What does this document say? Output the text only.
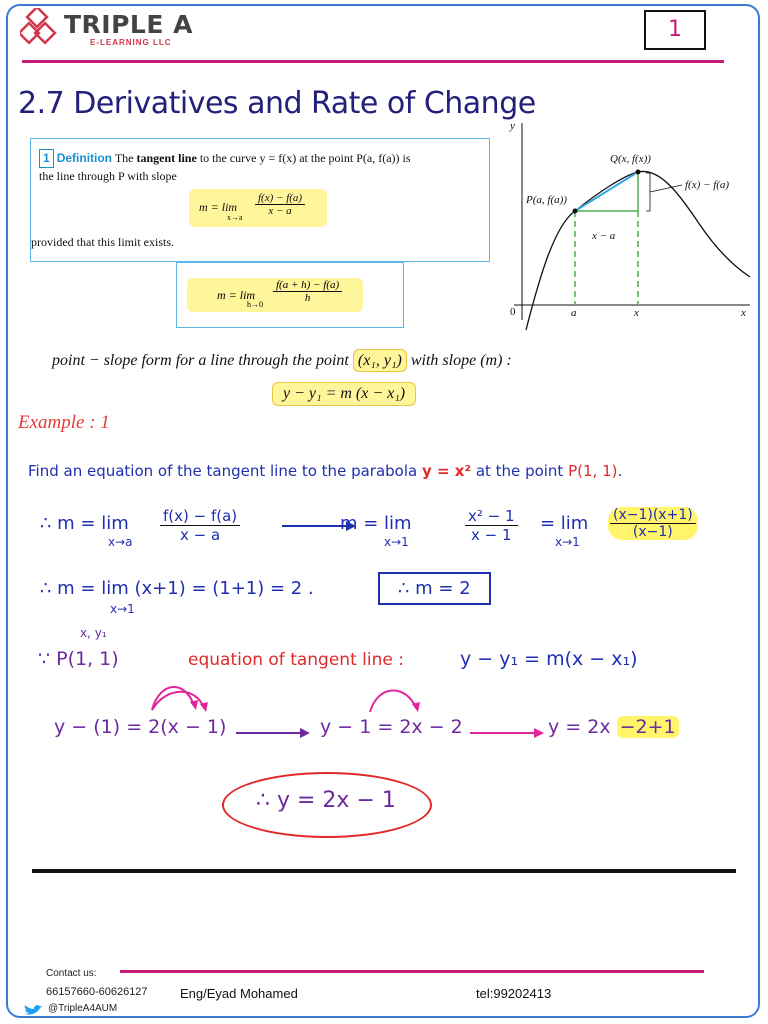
TRIPLE A
E-LEARNING LLC
1
2.7 Derivatives and Rate of Change
1 Definition The tangent line to the curve y = f(x) at the point P(a, f(a)) is
the line through P with slope
m = lim
x→a
$\frac{f(x) - f(a)}{x - a}$
provided that this limit exists.
m = lim
h→0
$\frac{f(a + h) - f(a)}{h}$
y
x
a	x
Q(x, f(x))
P(a, f(a))
f(x) − f(a)
x − a
0
point − slope form for a line through the point (x₁, y₁) with slope (m) :
y − y₁ = m (x − x₁)
Example : 1
Find an equation of the tangent line to the parabola y = x² at the point P(1, 1).
∴ m = lim
$x\to a \frac{f(x) - f(a)}{x - a}$	m = lim
x→1	$\frac{\text{x² − 1}}{x - 1} = \lim$
x→1
$\frac{(x-1)(x+1)}{(x-1)}$
∴ m = lim (x+1) = (1+1) = 2 .
x→1
∴ m = 2
x, y₁
∵ P(1, 1)	equation of tangent line :	y − y₁ = m(x − x₁)
y − (1) = 2(x − 1)	y − 1 = 2x − 2	y = 2x −2+1
∴ y = 2x − 1
Contact us:
66157660-60626127
@TripleA4AUM
Eng/Eyad Mohamed	tel:99202413
